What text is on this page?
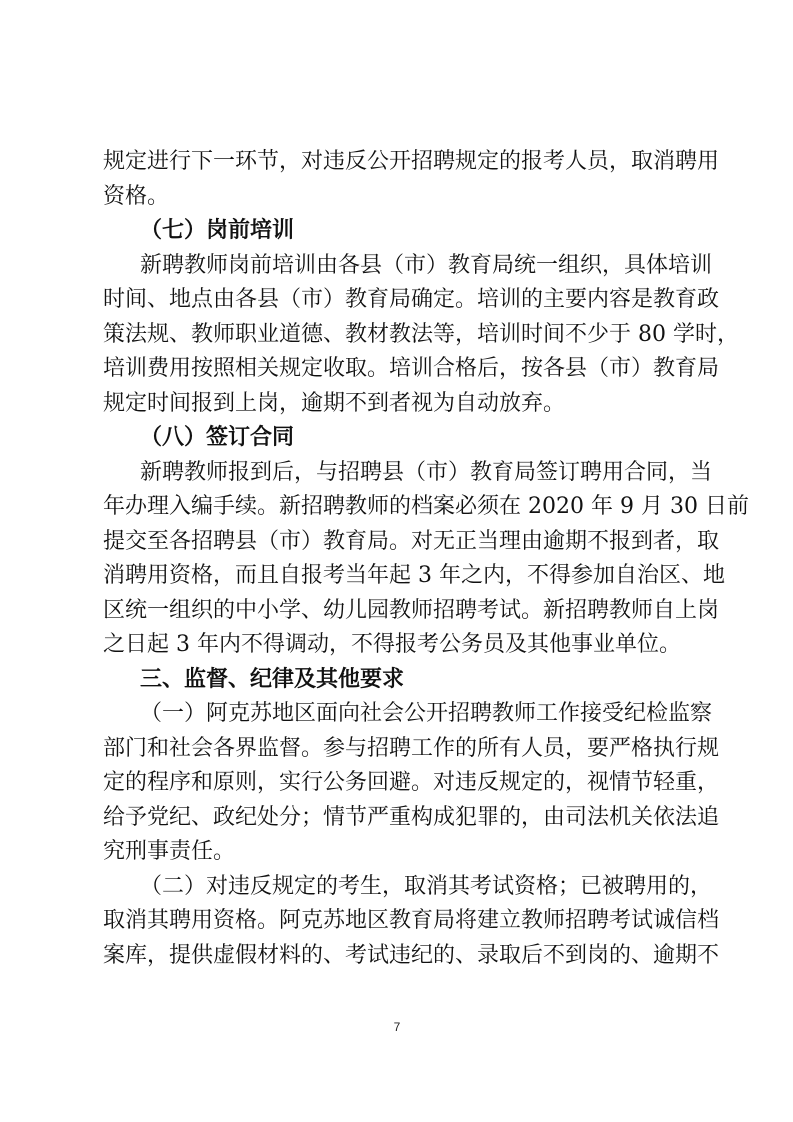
规定进行下一环节，对违反公开招聘规定的报考人员，取消聘用
资格。
（七）岗前培训
新聘教师岗前培训由各县（市）教育局统一组织，具体培训
时间、地点由各县（市）教育局确定。培训的主要内容是教育政
策法规、教师职业道德、教材教法等，培训时间不少于 80 学时，
培训费用按照相关规定收取。培训合格后，按各县（市）教育局
规定时间报到上岗，逾期不到者视为自动放弃。
（八）签订合同
新聘教师报到后，与招聘县（市）教育局签订聘用合同，当
年办理入编手续。新招聘教师的档案必须在 2020 年 9 月 30 日前
提交至各招聘县（市）教育局。对无正当理由逾期不报到者，取
消聘用资格，而且自报考当年起 3 年之内，不得参加自治区、地
区统一组织的中小学、幼儿园教师招聘考试。新招聘教师自上岗
之日起 3 年内不得调动，不得报考公务员及其他事业单位。
三、监督、纪律及其他要求
（一）阿克苏地区面向社会公开招聘教师工作接受纪检监察
部门和社会各界监督。参与招聘工作的所有人员，要严格执行规
定的程序和原则，实行公务回避。对违反规定的，视情节轻重，
给予党纪、政纪处分；情节严重构成犯罪的，由司法机关依法追
究刑事责任。
（二）对违反规定的考生，取消其考试资格；已被聘用的，
取消其聘用资格。阿克苏地区教育局将建立教师招聘考试诚信档
案库，提供虚假材料的、考试违纪的、录取后不到岗的、逾期不
7
